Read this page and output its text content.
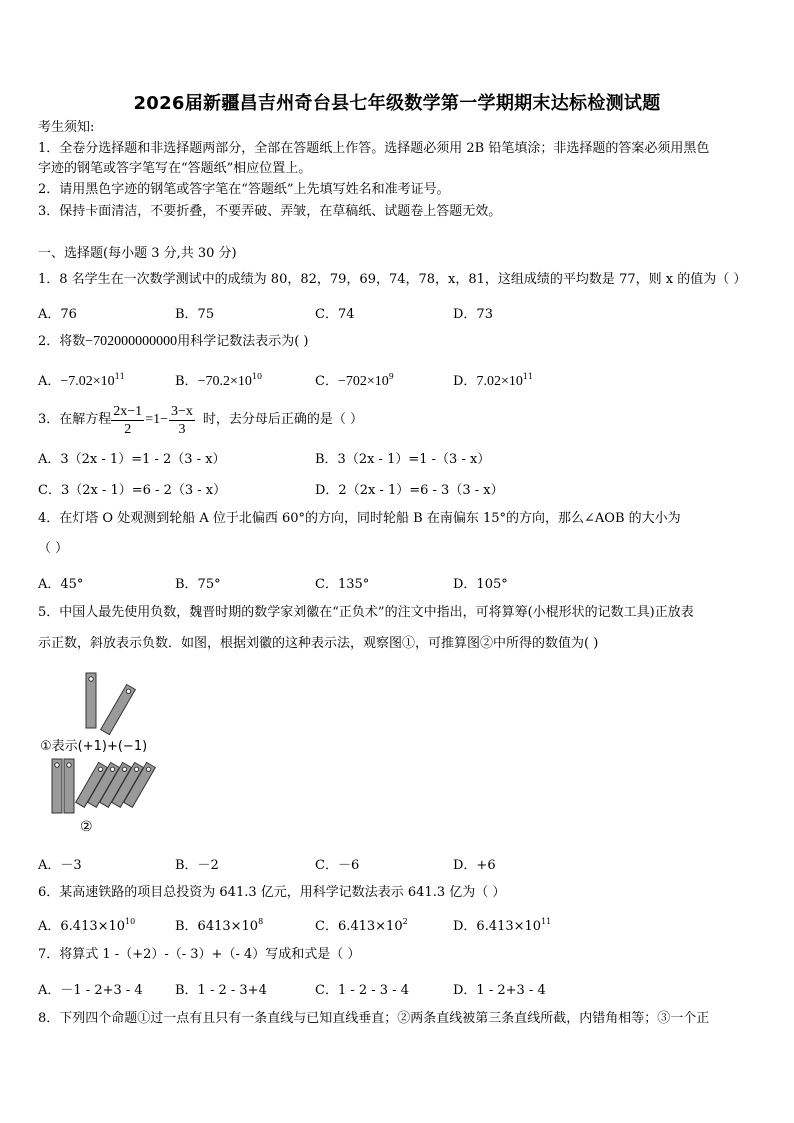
2026届新疆昌吉州奇台县七年级数学第一学期期末达标检测试题
考生须知:
1．全卷分选择题和非选择题两部分，全部在答题纸上作答。选择题必须用 2B 铅笔填涂；非选择题的答案必须用黑色
字迹的钢笔或答字笔写在“答题纸”相应位置上。
2．请用黑色字迹的钢笔或答字笔在“答题纸”上先填写姓名和准考证号。
3．保持卡面清洁，不要折叠，不要弄破、弄皱，在草稿纸、试题卷上答题无效。
一、选择题(每小题 3 分,共 30 分)
1．8 名学生在一次数学测试中的成绩为 80，82，79，69，74，78，x，81，这组成绩的平均数是 77，则 x 的值为（ ）
A．76	B．75	C．74	D．73
2．将数−702000000000用科学记数法表示为( )
A．$-7.02\times 10^{11}$	B．$-70.2\times 10^{10}$	C．$-702\times 10^9$	D．$7.02\times 10^{11}$
3．在解方程 $\frac{2x-1}{2} =1- \frac{3-x}{3}$ 时，去分母后正确的是（ ）
A．3（2x - 1）=1 - 2（3 - x）	B．3（2x - 1）=1 -（3 - x）
C．3（2x - 1）=6 - 2（3 - x）	D．2（2x - 1）=6 - 3（3 - x）
4．在灯塔 O 处观测到轮船 A 位于北偏西 60°的方向，同时轮船 B 在南偏东 15°的方向，那么∠AOB 的大小为
（ ）
A．45°	B．75°	C．135°	D．105°
5．中国人最先使用负数，魏晋时期的数学家刘徽在“正负术”的注文中指出，可将算筹(小棍形状的记数工具)正放表
示正数，斜放表示负数．如图，根据刘徽的这种表示法，观察图①，可推算图②中所得的数值为( )
①表示(+1)+(−1)
②
A．－3	B．－2	C．－6	D．+6
6．某高速铁路的项目总投资为 641.3 亿元，用科学记数法表示 641.3 亿为（ ）
A．$6.413\times 10^{10}$	B．$6413\times 10^8$	C．$6.413\times 10^2$	D．$6.413\times 10^{11}$
7．将算式 1 -（+2）-（- 3）+（- 4）写成和式是（ ）
A．－1 - 2+3 - 4 B．1 - 2 - 3+4	C．1 - 2 - 3 - 4	D．1 - 2+3 - 4
8．下列四个命题①过一点有且只有一条直线与已知直线垂直；②两条直线被第三条直线所截，内错角相等；③一个正
